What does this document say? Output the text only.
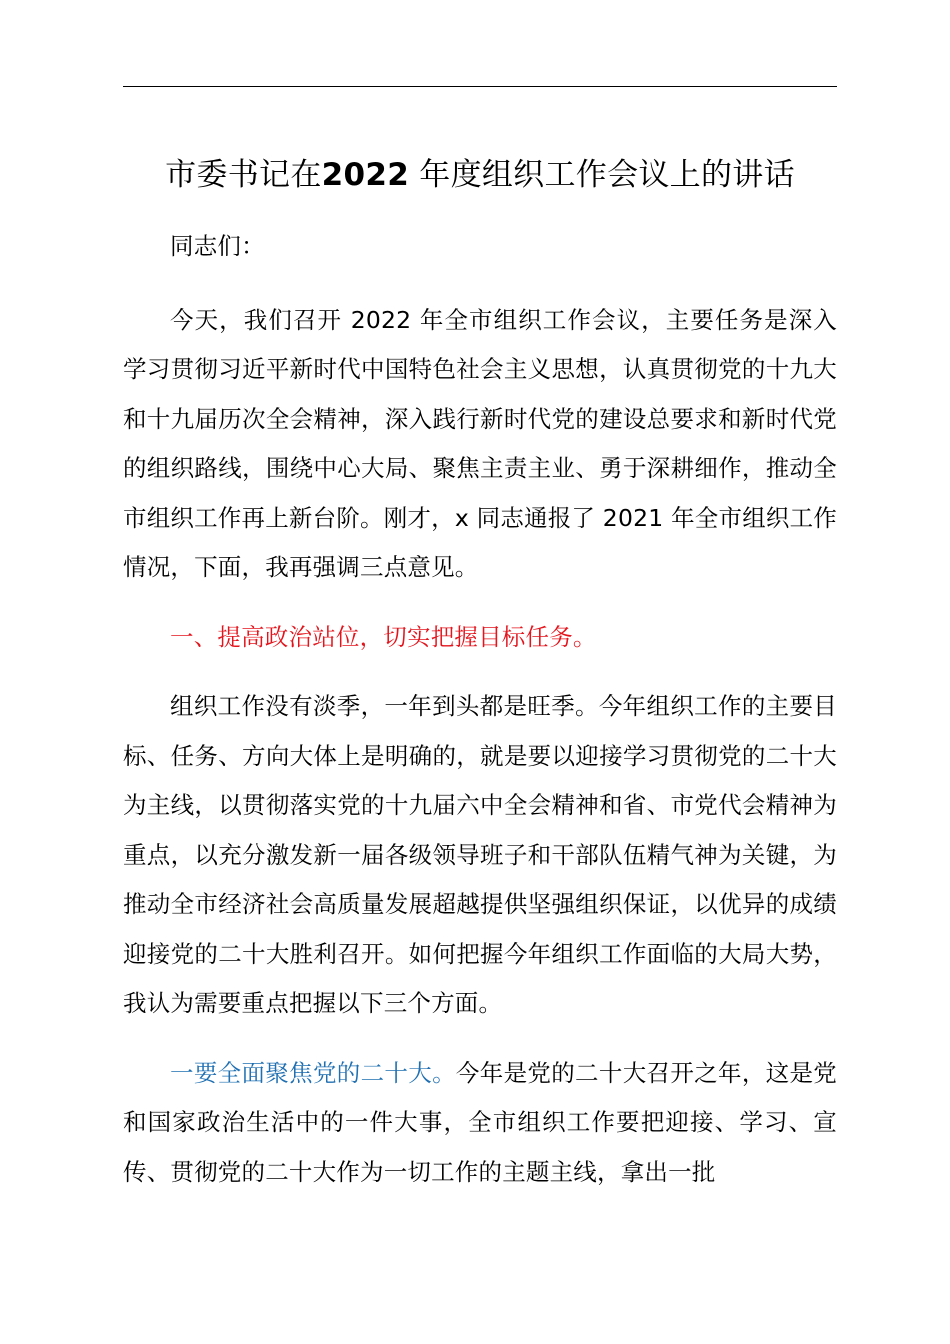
市委书记在2022 年度组织工作会议上的讲话

同志们：

今天，我们召开 2022 年全市组织工作会议，主要任务是深入学习贯彻习近平新时代中国特色社会主义思想，认真贯彻党的十九大和十九届历次全会精神，深入践行新时代党的建设总要求和新时代党的组织路线，围绕中心大局、聚焦主责主业、勇于深耕细作，推动全市组织工作再上新台阶。刚才，x 同志通报了 2021 年全市组织工作情况，下面，我再强调三点意见。

一、提高政治站位，切实把握目标任务。

组织工作没有淡季，一年到头都是旺季。今年组织工作的主要目标、任务、方向大体上是明确的，就是要以迎接学习贯彻党的二十大为主线，以贯彻落实党的十九届六中全会精神和省、市党代会精神为重点，以充分激发新一届各级领导班子和干部队伍精气神为关键，为推动全市经济社会高质量发展超越提供坚强组织保证，以优异的成绩迎接党的二十大胜利召开。如何把握今年组织工作面临的大局大势，我认为需要重点把握以下三个方面。

一要全面聚焦党的二十大。今年是党的二十大召开之年，这是党和国家政治生活中的一件大事，全市组织工作要把迎接、学习、宣传、贯彻党的二十大作为一切工作的主题主线，拿出一批
